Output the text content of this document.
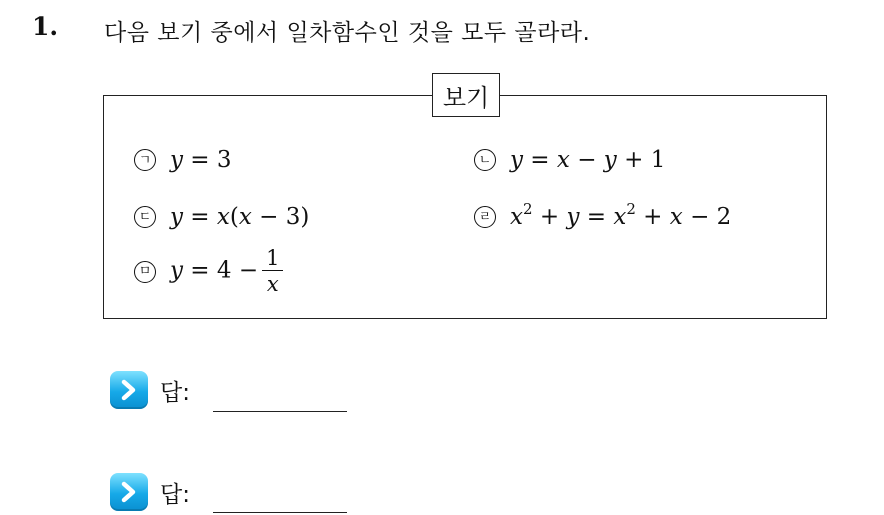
1. 다음 보기 중에서 일차함수인 것을 모두 골라라.
보기
ㄱ y = 3	ㄴ y = x − y + 1
ㄷ y = x(x − 3)	ㄹ $x^2 + y = x^2 + x - 2$
ㅁ $y = 4 - \frac{1}{x}$
답:
답:
